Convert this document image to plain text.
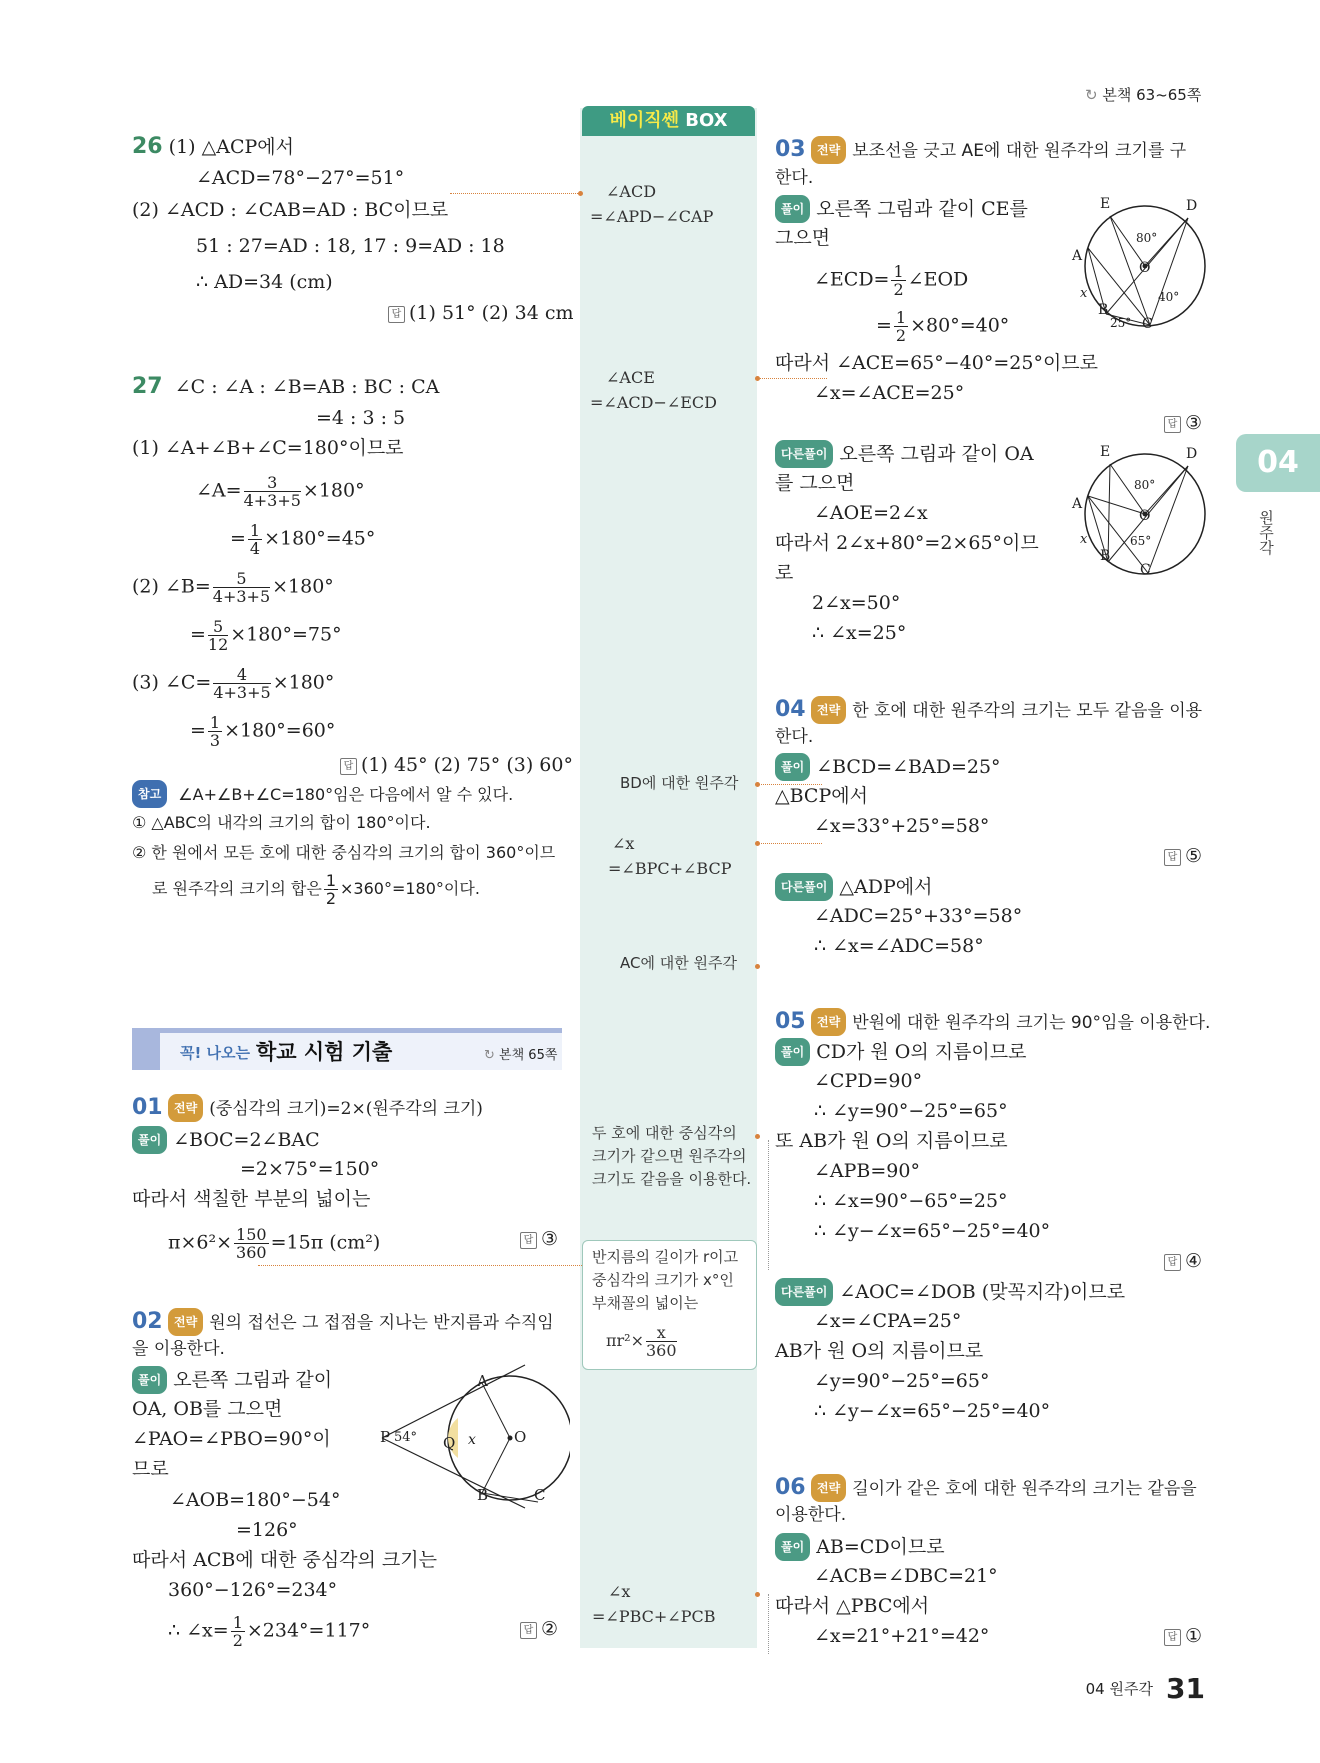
↻ 본책 63~65쪽
04
원주각
베이직쎈 BOX
∠ACD
=∠APD−∠CAP
∠ACE
=∠ACD−∠ECD
BD에 대한 원주각
∠x
=∠BPC+∠BCP
AC에 대한 원주각
두 호에 대한 중심각의 크기가 같으면 원주각의 크기도 같음을 이용한다.
반지름의 길이가 r이고 중심각의 크기가 x°인 부채꼴의 넓이는
$\pi r^2\times \frac{x}{360}$
∠x
=∠PBC+∠PCB
26 (1) △ACP에서
∠ACD=78°−27°=51°
(2) ∠ACD : ∠CAB=AD : BC이므로
51 : 27=AD : 18, 17 : 9=AD : 18
∴ AD=34 (cm)
답 (1) 51° (2) 34 cm
27 ∠C : ∠A : ∠B=AB : BC : CA
=4 : 3 : 5
(1) ∠A+∠B+∠C=180°이므로
∠A= $\frac{3}{4+3+5} \times 180^\circ$
= $\frac{1}{4} \times 180^\circ=45^\circ$
(2) ∠B= $\frac{5}{4+3+5} \times 180^\circ$
= $\frac{5}{12} \times 180^\circ=75^\circ$
(3) ∠C= $\frac{4}{4+3+5} \times 180^\circ$
= $\frac{1}{3} \times 180^\circ=60^\circ$
답 (1) 45° (2) 75° (3) 60°
참고 ∠A+∠B+∠C=180°임은 다음에서 알 수 있다.
① △ABC의 내각의 크기의 합이 180°이다.
② 한 원에서 모든 호에 대한 중심각의 크기의 합이 360°이므
로 원주각의 크기의 합은 $\frac{1}{2} \times 360^\circ=180^\circ$이다.
꼭! 나오는 학교 시험 기출	↻ 본책 65쪽
01 전략 (중심각의 크기)=2×(원주각의 크기)
풀이 ∠BOC=2∠BAC
=2×75°=150°
따라서 색칠한 부분의 넓이는
$\pi\times 6^2\times \frac{150}{360} =15\pi$ (cm²)	답 ③
02 전략 원의 접선은 그 접점을 지나는 반지름과 수직임
을 이용한다.
풀이 오른쪽 그림과 같이
OA, OB를 그으면
∠PAO=∠PBO=90°이
므로
∠AOB=180°−54°
=126°
따라서 ACB에 대한 중심각의 크기는
360°−126°=234°
∴ ∠x= $\frac{1}{2} \times 234^\circ=117^\circ$	답 ②
P 54°
A
B	C
O
Q x
03 전략 보조선을 긋고 AE에 대한 원주각의 크기를 구
한다.
풀이 오른쪽 그림과 같이 CE를
그으면
∠ECD= $\frac{1}{2}$ ∠EOD
= $\frac{1}{2} \times 80^\circ=40^\circ$
따라서 ∠ACE=65°−40°=25°이므로
∠x=∠ACE=25°
답 ③
다른풀이 오른쪽 그림과 같이 OA
를 그으면
∠AOE=2∠x
따라서 2∠x+80°=2×65°이므
로
2∠x=50°
∴ ∠x=25°
E	D
A
O
80°
x
B
C
40°
25°
E	D
A
O
80°
x	65°
B
C
04 전략 한 호에 대한 원주각의 크기는 모두 같음을 이용
한다.
풀이 ∠BCD=∠BAD=25°
△BCP에서
∠x=33°+25°=58°
답 ⑤
다른풀이 △ADP에서
∠ADC=25°+33°=58°
∴ ∠x=∠ADC=58°
05 전략 반원에 대한 원주각의 크기는 90°임을 이용한다.
풀이 CD가 원 O의 지름이므로
∠CPD=90°
∴ ∠y=90°−25°=65°
또 AB가 원 O의 지름이므로
∠APB=90°
∴ ∠x=90°−65°=25°
∴ ∠y−∠x=65°−25°=40°
답 ④
다른풀이 ∠AOC=∠DOB (맞꼭지각)이므로
∠x=∠CPA=25°
AB가 원 O의 지름이므로
∠y=90°−25°=65°
∴ ∠y−∠x=65°−25°=40°
06 전략 길이가 같은 호에 대한 원주각의 크기는 같음을
이용한다.
풀이 AB=CD이므로
∠ACB=∠DBC=21°
따라서 △PBC에서
∠x=21°+21°=42°	답 ①
04 원주각 31
